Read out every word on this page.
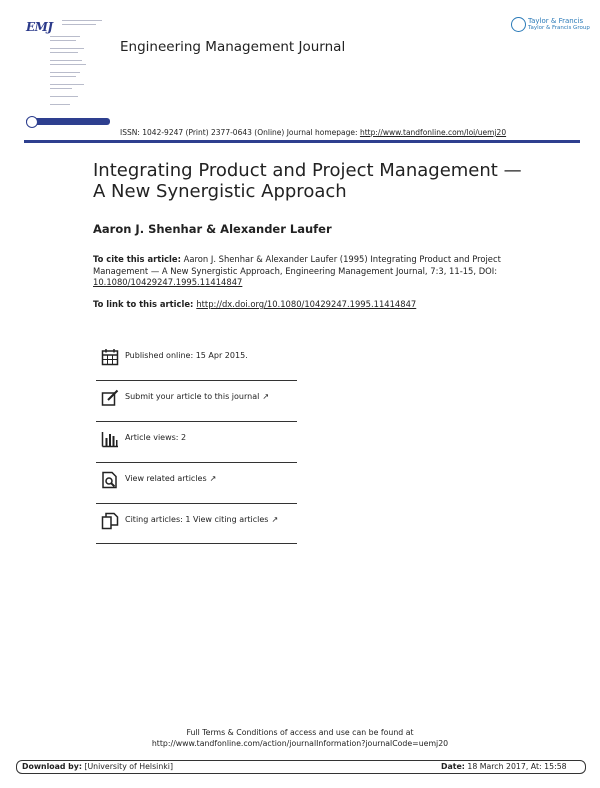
EMJ
Engineering Management Journal
Taylor & Francis
Taylor & Francis Group
ISSN: 1042-9247 (Print) 2377-0643 (Online) Journal homepage: http://www.tandfonline.com/loi/uemj20
Integrating Product and Project Management — A New Synergistic Approach
Aaron J. Shenhar & Alexander Laufer
To cite this article: Aaron J. Shenhar & Alexander Laufer (1995) Integrating Product and Project Management — A New Synergistic Approach, Engineering Management Journal, 7:3, 11-15, DOI: 10.1080/10429247.1995.11414847
To link to this article: http://dx.doi.org/10.1080/10429247.1995.11414847
Published online: 15 Apr 2015.
Submit your article to this journal ↗
Article views: 2
View related articles ↗
Citing articles: 1 View citing articles ↗
Full Terms & Conditions of access and use can be found at
http://www.tandfonline.com/action/journalInformation?journalCode=uemj20
Download by: [University of Helsinki]	Date: 18 March 2017, At: 15:58
